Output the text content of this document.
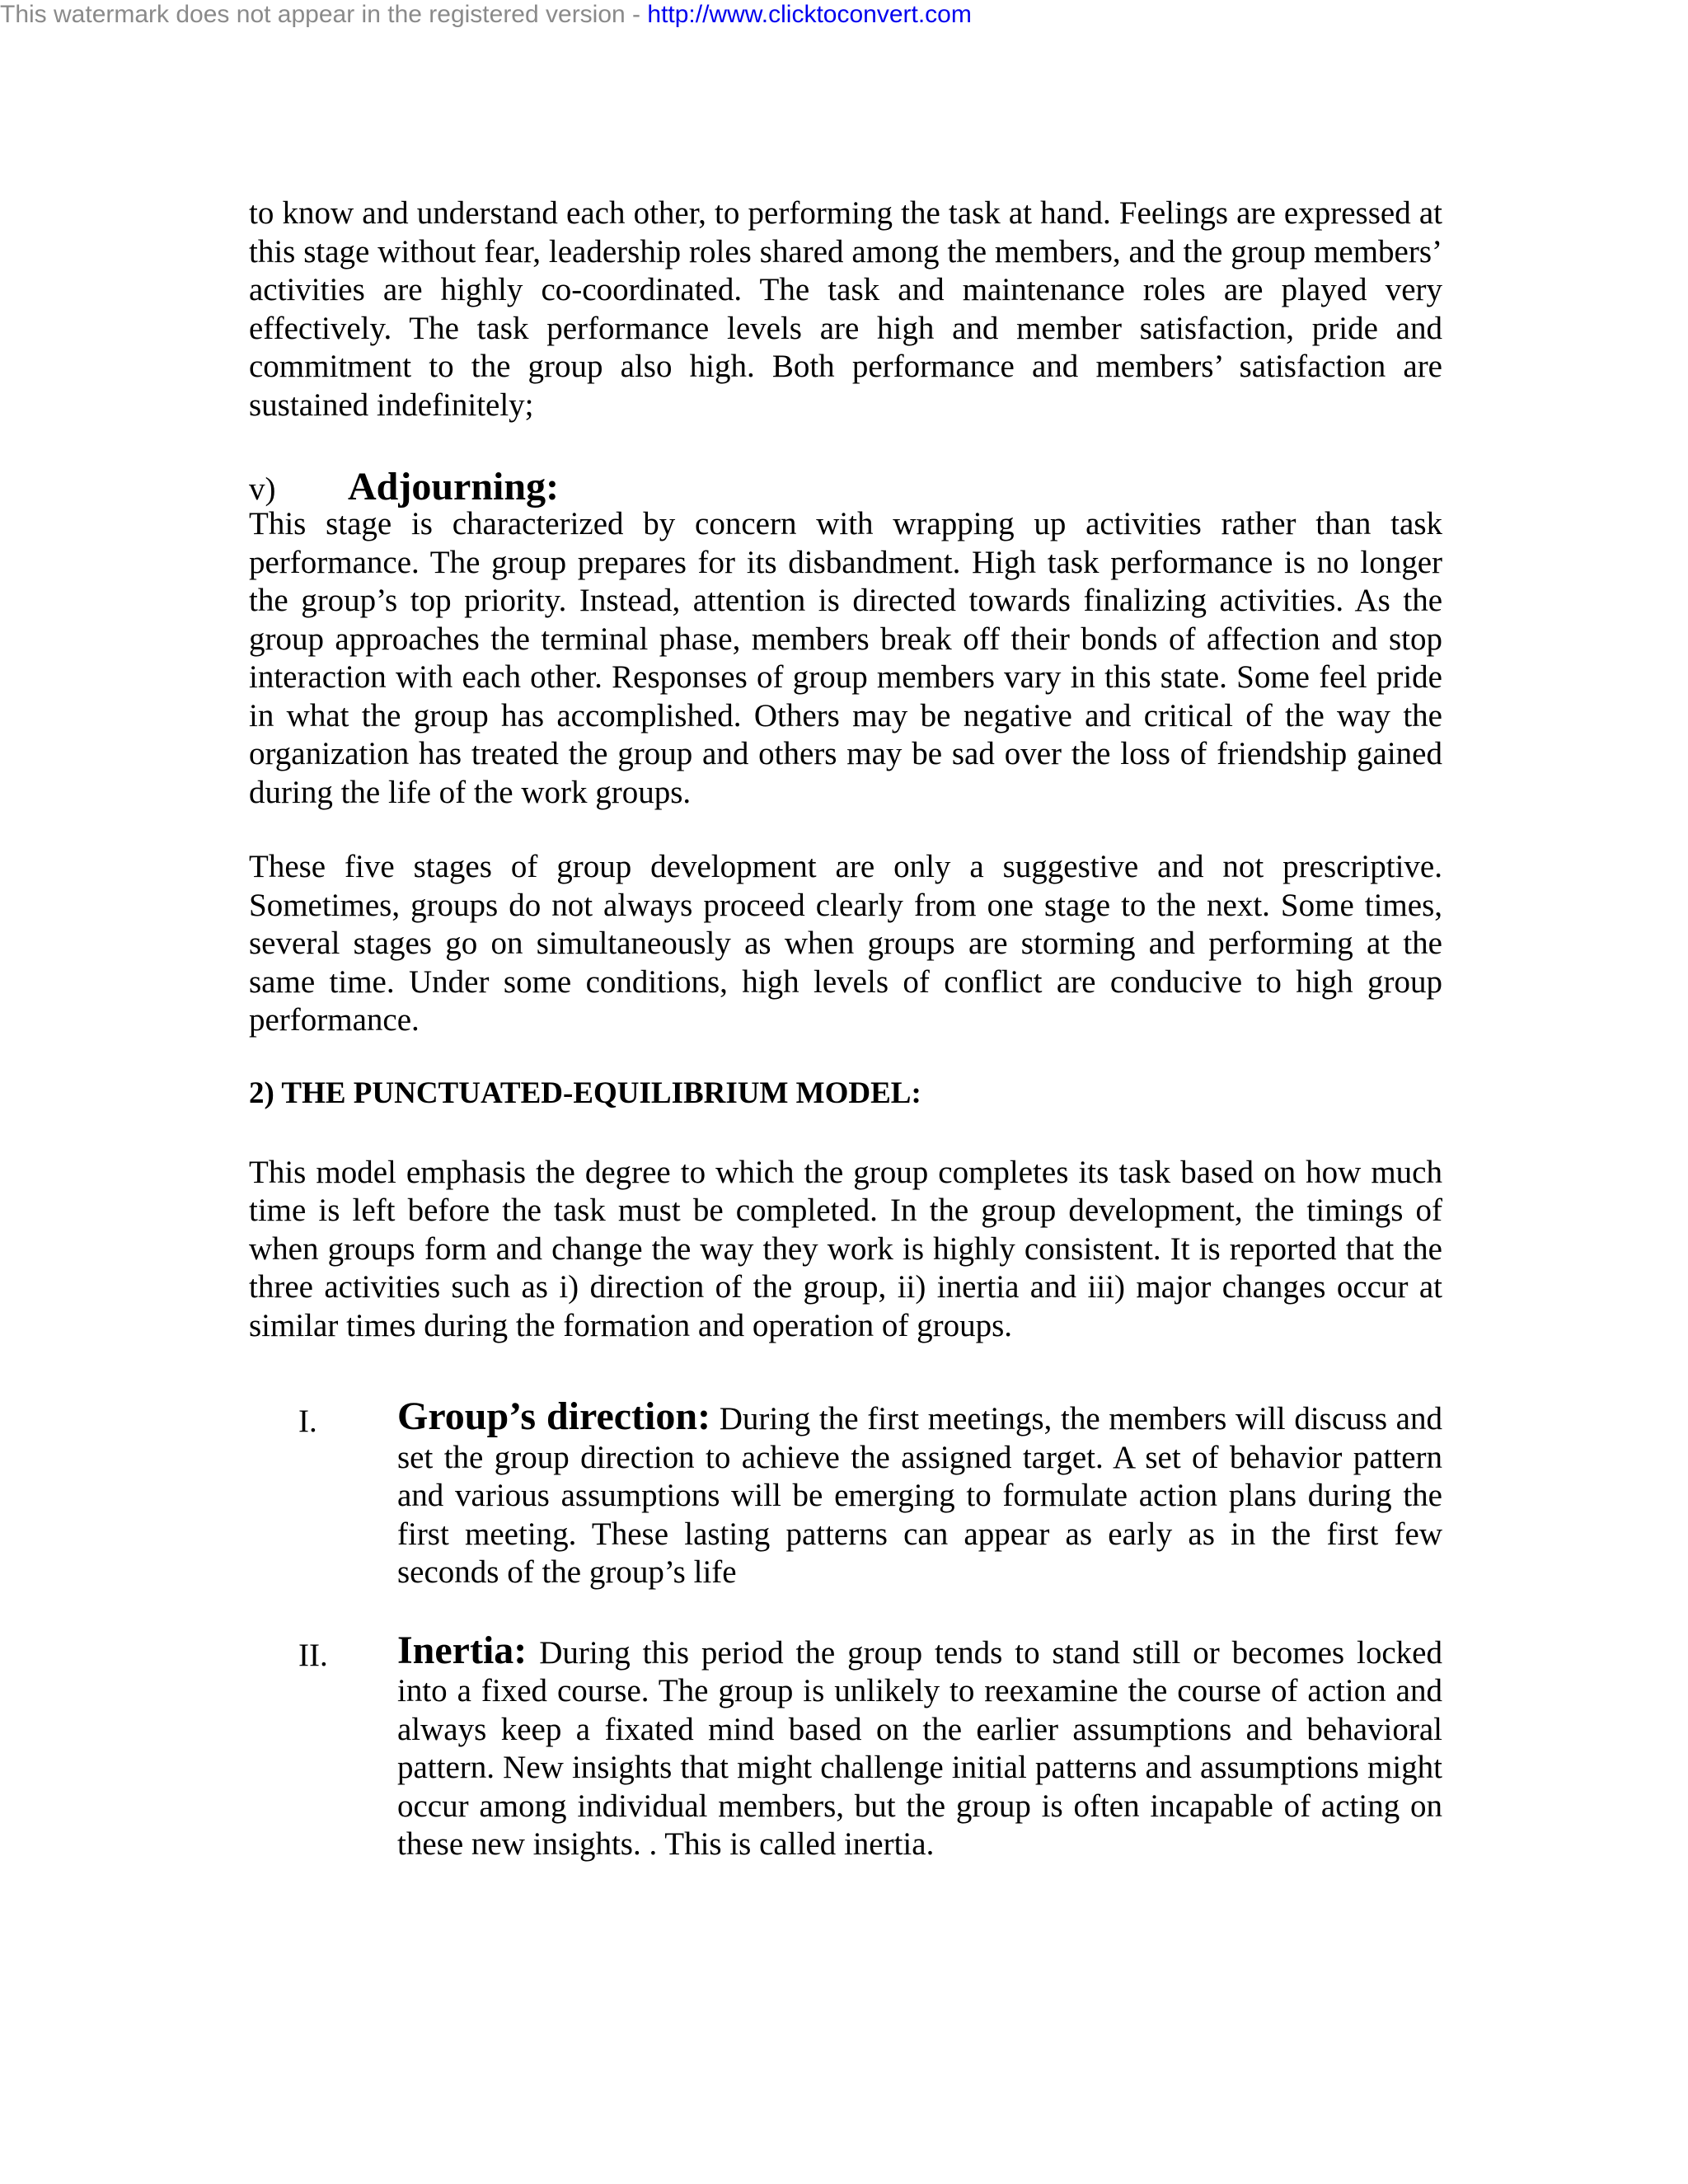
This watermark does not appear in the registered version - http://www.clicktoconvert.com

to know and understand each other, to performing the task at hand. Feelings are expressed at this stage without fear, leadership roles shared among the members, and the group members’ activities are highly co-coordinated. The task and maintenance roles are played very effectively. The task performance levels are high and member satisfaction, pride and commitment to the group also high. Both performance and members’ satisfaction are sustained indefinitely;

v)	Adjourning:

This stage is characterized by concern with wrapping up activities rather than task performance. The group prepares for its disbandment. High task performance is no longer the group’s top priority. Instead, attention is directed towards finalizing activities. As the group approaches the terminal phase, members break off their bonds of affection and stop interaction with each other. Responses of group members vary in this state. Some feel pride in what the group has accomplished. Others may be negative and critical of the way the organization has treated the group and others may be sad over the loss of friendship gained during the life of the work groups.

These five stages of group development are only a suggestive and not prescriptive. Sometimes, groups do not always proceed clearly from one stage to the next. Some times, several stages go on simultaneously as when groups are storming and performing at the same time. Under some conditions, high levels of conflict are conducive to high group performance.

2) THE PUNCTUATED-EQUILIBRIUM MODEL:

This model emphasis the degree to which the group completes its task based on how much time is left before the task must be completed. In the group development, the timings of when groups form and change the way they work is highly consistent. It is reported that the three activities such as i) direction of the group, ii) inertia and iii) major changes occur at similar times during the formation and operation of groups.

I.	Group’s direction: During the first meetings, the members will discuss and set the group direction to achieve the assigned target. A set of behavior pattern and various assumptions will be emerging to formulate action plans during the first meeting. These lasting patterns can appear as early as in the first few seconds of the group’s life

II.	Inertia: During this period the group tends to stand still or becomes locked into a fixed course. The group is unlikely to reexamine the course of action and always keep a fixated mind based on the earlier assumptions and behavioral pattern. New insights that might challenge initial patterns and assumptions might occur among individual members, but the group is often incapable of acting on these new insights. . This is called inertia.
